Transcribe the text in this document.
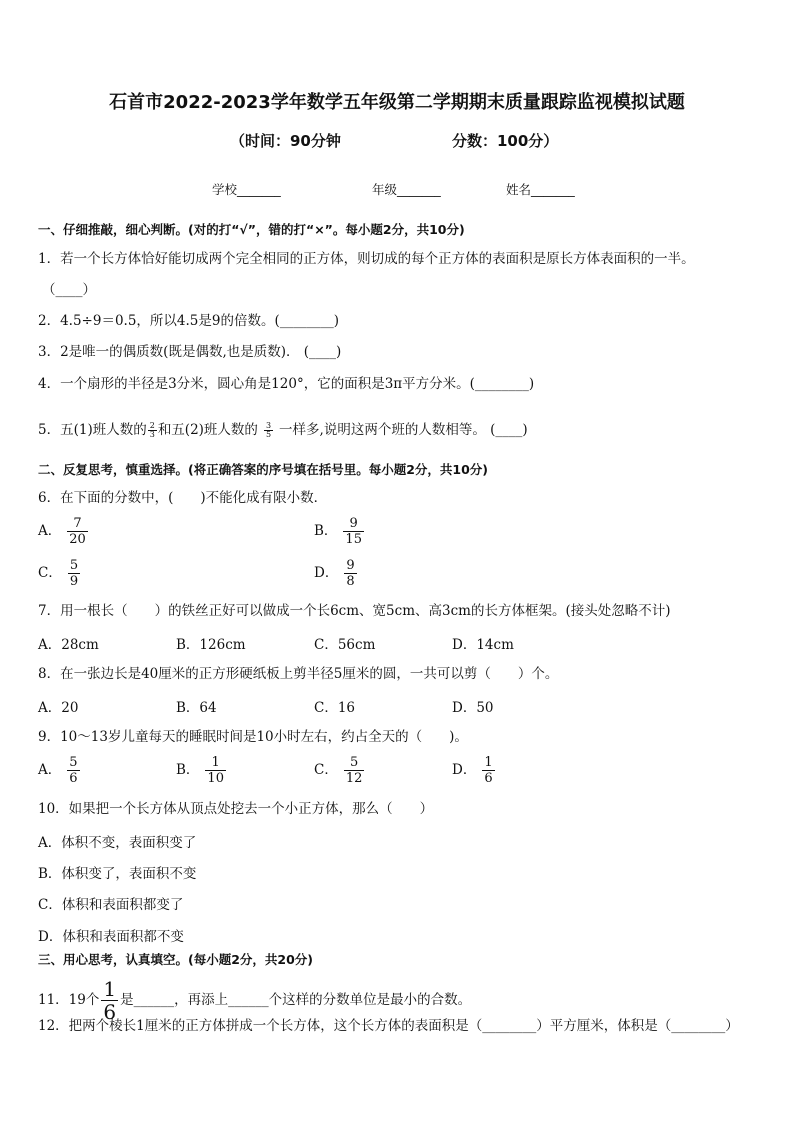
石首市2022-2023学年数学五年级第二学期期末质量跟踪监视模拟试题
（时间：90分钟	分数：100分）
学校_______	年级_______	姓名_______
一、仔细推敲，细心判断。(对的打“√”，错的打“×”。每小题2分，共10分)
1．若一个长方体恰好能切成两个完全相同的正方体，则切成的每个正方体的表面积是原长方体表面积的一半。
（____）
2．4.5÷9＝0.5，所以4.5是9的倍数。(________)
3．2是唯一的偶质数(既是偶数,也是质数)． (____)
4．一个扇形的半径是3分米，圆心角是120°，它的面积是3π平方分米。(________)
5．五(1)班人数的 $\frac{2}{3}$ 和五(2)班人数的 $\frac{3}{5}$ 一样多,说明这两个班的人数相等。 (____)
二、反复思考，慎重选择。(将正确答案的序号填在括号里。每小题2分，共10分)
6．在下面的分数中，(　　)不能化成有限小数．
A． $\frac{7}{20}$	B． $\frac{9}{15}$
C． $\frac{5}{9}$	D． $\frac{9}{8}$
7．用一根长（　　）的铁丝正好可以做成一个长6cm、宽5cm、高3cm的长方体框架。(接头处忽略不计)
A．28cm	B．126cm	C．56cm	D．14cm
8．在一张边长是40厘米的正方形硬纸板上剪半径5厘米的圆，一共可以剪（　　）个。
A．20	B．64	C．16	D．50
9．10～13岁儿童每天的睡眠时间是10小时左右，约占全天的（　　)。
A． $\frac{5}{6}$	B． $\frac{1}{10}$	C． $\frac{5}{12}$	D． $\frac{1}{6}$
10．如果把一个长方体从顶点处挖去一个小正方体，那么（　　）
A．体积不变，表面积变了
B．体积变了，表面积不变
C．体积和表面积都变了
D．体积和表面积都不变
三、用心思考，认真填空。(每小题2分，共20分)
11．19个 $\frac{1}{6}$ 是______，再添上______个这样的分数单位是最小的合数。
12．把两个棱长1厘米的正方体拼成一个长方体，这个长方体的表面积是（________）平方厘米，体积是（________）
